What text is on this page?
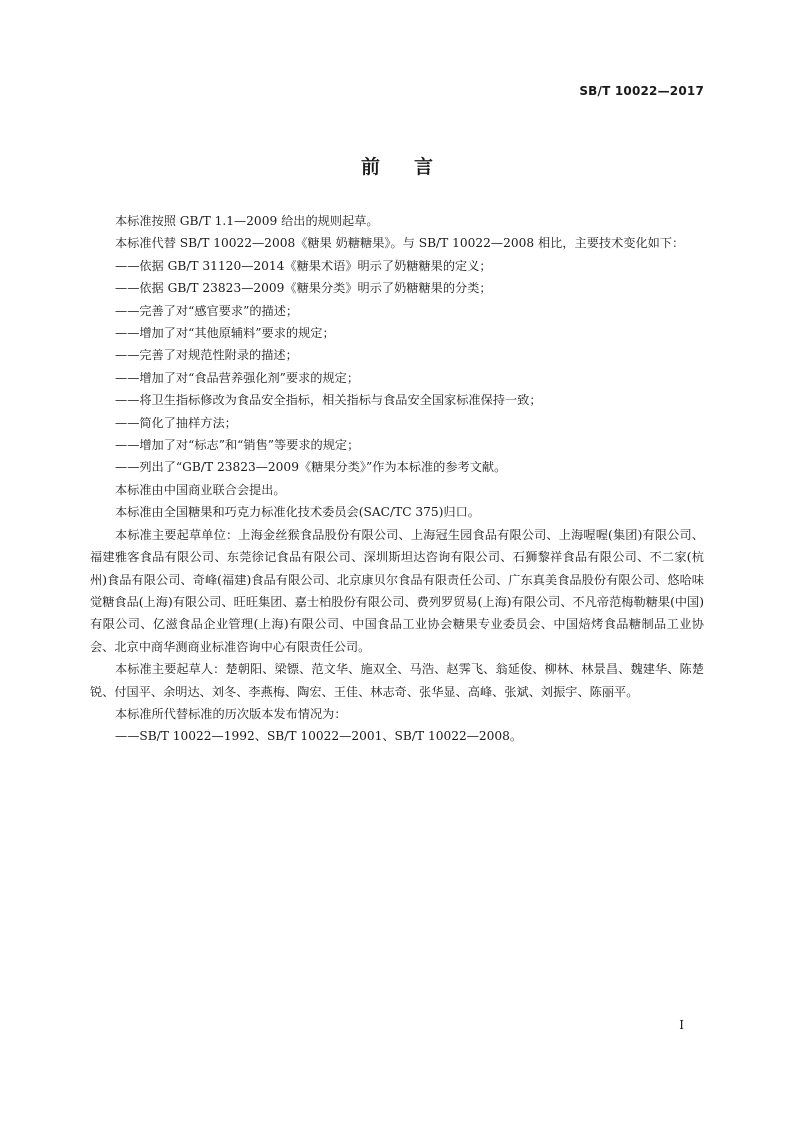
SB/T 10022—2017
前言

本标准按照 GB/T 1.1—2009 给出的规则起草。

本标准代替 SB/T 10022—2008《糖果 奶糖糖果》。与 SB/T 10022—2008 相比，主要技术变化如下：

——依据 GB/T 31120—2014《糖果术语》明示了奶糖糖果的定义；

——依据 GB/T 23823—2009《糖果分类》明示了奶糖糖果的分类；

——完善了对“感官要求”的描述；

——增加了对“其他原辅料”要求的规定；

——完善了对规范性附录的描述；

——增加了对“食品营养强化剂”要求的规定；

——将卫生指标修改为食品安全指标，相关指标与食品安全国家标准保持一致；

——简化了抽样方法；

——增加了对“标志”和“销售”等要求的规定；

——列出了“GB/T 23823—2009《糖果分类》”作为本标准的参考文献。

本标准由中国商业联合会提出。

本标准由全国糖果和巧克力标准化技术委员会(SAC/TC 375)归口。

本标准主要起草单位：上海金丝猴食品股份有限公司、上海冠生园食品有限公司、上海喔喔(集团)有限公司、福建雅客食品有限公司、东莞徐记食品有限公司、深圳斯坦达咨询有限公司、石狮黎祥食品有限公司、不二家(杭州)食品有限公司、奇峰(福建)食品有限公司、北京康贝尔食品有限责任公司、广东真美食品股份有限公司、悠哈味觉糖食品(上海)有限公司、旺旺集团、嘉士柏股份有限公司、费列罗贸易(上海)有限公司、不凡帝范梅勒糖果(中国)有限公司、亿滋食品企业管理(上海)有限公司、中国食品工业协会糖果专业委员会、中国焙烤食品糖制品工业协会、北京中商华测商业标准咨询中心有限责任公司。

本标准主要起草人：楚朝阳、梁镖、范文华、施双全、马浩、赵霁飞、翁延俊、柳林、林景昌、魏建华、陈楚锐、付国平、余明达、刘冬、李燕梅、陶宏、王佳、林志奇、张华显、高峰、张斌、刘振宇、陈丽平。

本标准所代替标准的历次版本发布情况为：

——SB/T 10022—1992、SB/T 10022—2001、SB/T 10022—2008。

I
